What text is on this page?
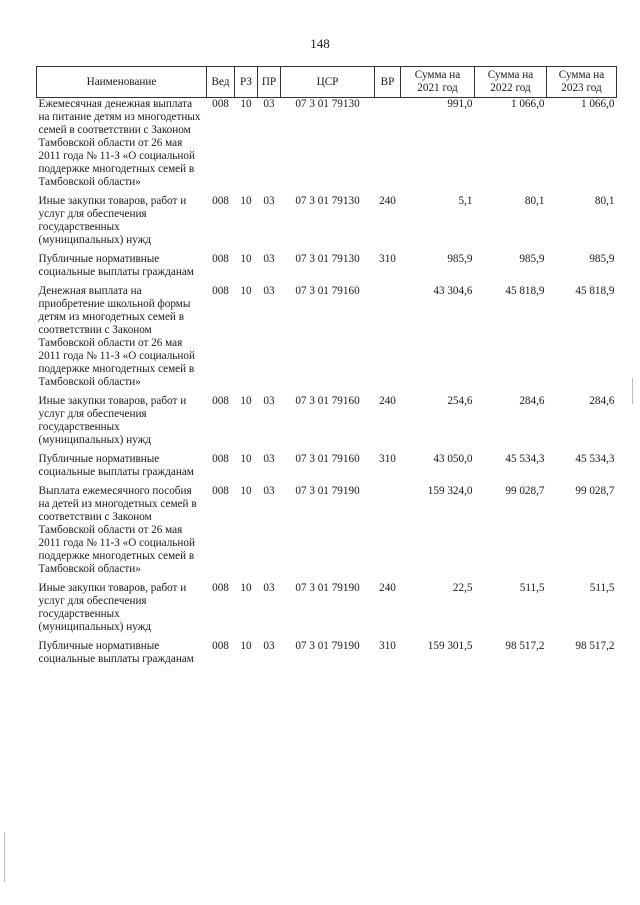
148
Наименование	Вед	РЗ	ПР	ЦСР	ВР	Сумма на 2021 год	Сумма на 2022 год	Сумма на 2023 год
Ежемесячная денежная выплата на питание детям из многодетных семей в соответствии с Законом Тамбовской области от 26 мая 2011 года № 11-З «О социальной поддержке многодетных семей в Тамбовской области»	008	10	03	07 3 01 79130		991,0	1 066,0	1 066,0
Иные закупки товаров, работ и услуг для обеспечения государственных (муниципальных) нужд	008	10	03	07 3 01 79130	240	5,1	80,1	80,1
Публичные нормативные социальные выплаты гражданам	008	10	03	07 3 01 79130	310	985,9	985,9	985,9
Денежная выплата на приобретение школьной формы детям из многодетных семей в соответствии с Законом Тамбовской области от 26 мая 2011 года № 11-З «О социальной поддержке многодетных семей в Тамбовской области»	008	10	03	07 3 01 79160		43 304,6	45 818,9	45 818,9
Иные закупки товаров, работ и услуг для обеспечения государственных (муниципальных) нужд	008	10	03	07 3 01 79160	240	254,6	284,6	284,6
Публичные нормативные социальные выплаты гражданам	008	10	03	07 3 01 79160	310	43 050,0	45 534,3	45 534,3
Выплата ежемесячного пособия на детей из многодетных семей в соответствии с Законом Тамбовской области от 26 мая 2011 года № 11-З «О социальной поддержке многодетных семей в Тамбовской области»	008	10	03	07 3 01 79190		159 324,0	99 028,7	99 028,7
Иные закупки товаров, работ и услуг для обеспечения государственных (муниципальных) нужд	008	10	03	07 3 01 79190	240	22,5	511,5	511,5
Публичные нормативные социальные выплаты гражданам	008	10	03	07 3 01 79190	310	159 301,5	98 517,2	98 517,2
